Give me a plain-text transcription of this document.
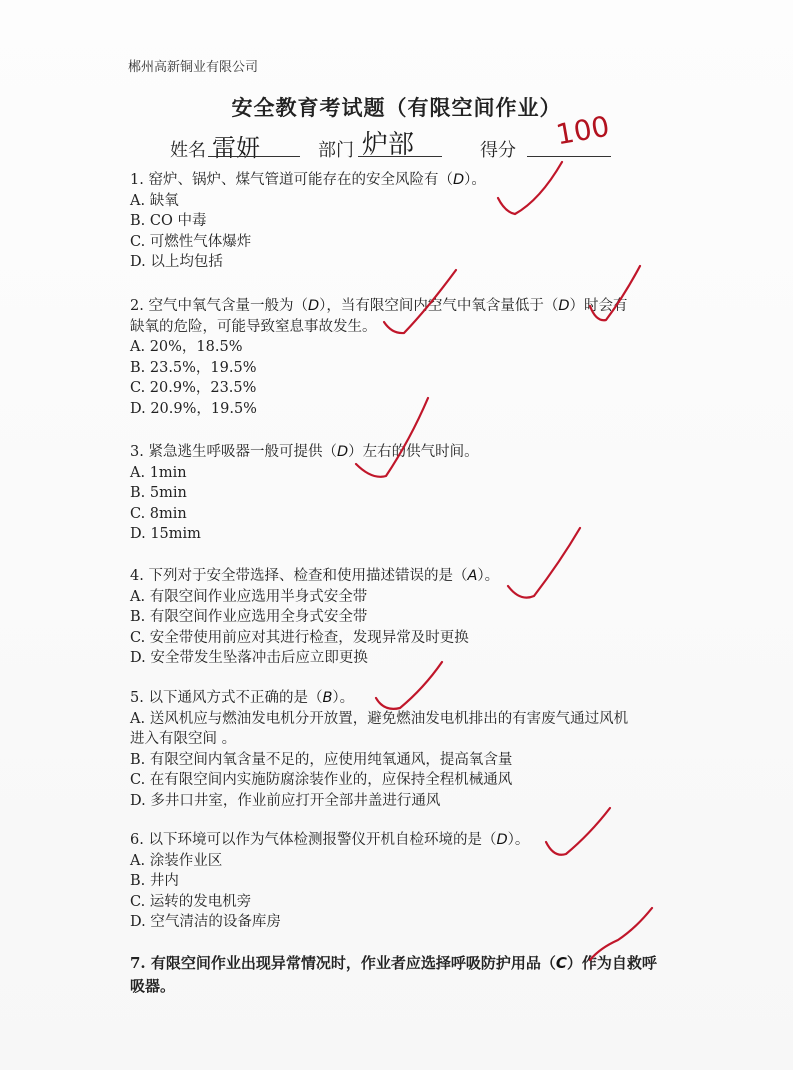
郴州高新铜业有限公司
安全教育考试题（有限空间作业）
姓名 雷妍	部门 炉部	得分 100
1. 窑炉、锅炉、煤气管道可能存在的安全风险有（D）。
A. 缺氧
B. CO 中毒
C. 可燃性气体爆炸
D. 以上均包括
2. 空气中氧气含量一般为（D），当有限空间内空气中氧含量低于（D）时会有
缺氧的危险，可能导致窒息事故发生。
A. 20%，18.5%
B. 23.5%，19.5%
C. 20.9%，23.5%
D. 20.9%，19.5%
3. 紧急逃生呼吸器一般可提供（D）左右的供气时间。
A. 1min
B. 5min
C. 8min
D. 15mim
4. 下列对于安全带选择、检查和使用描述错误的是（A）。
A. 有限空间作业应选用半身式安全带
B. 有限空间作业应选用全身式安全带
C. 安全带使用前应对其进行检查，发现异常及时更换
D. 安全带发生坠落冲击后应立即更换
5. 以下通风方式不正确的是（B）。
A. 送风机应与燃油发电机分开放置，避免燃油发电机排出的有害废气通过风机
进入有限空间 。
B. 有限空间内氧含量不足的，应使用纯氧通风，提高氧含量
C. 在有限空间内实施防腐涂装作业的，应保持全程机械通风
D. 多井口井室，作业前应打开全部井盖进行通风
6. 以下环境可以作为气体检测报警仪开机自检环境的是（D）。
A. 涂装作业区
B. 井内
C. 运转的发电机旁
D. 空气清洁的设备库房
7. 有限空间作业出现异常情况时，作业者应选择呼吸防护用品（C）作为自救呼
吸器。
